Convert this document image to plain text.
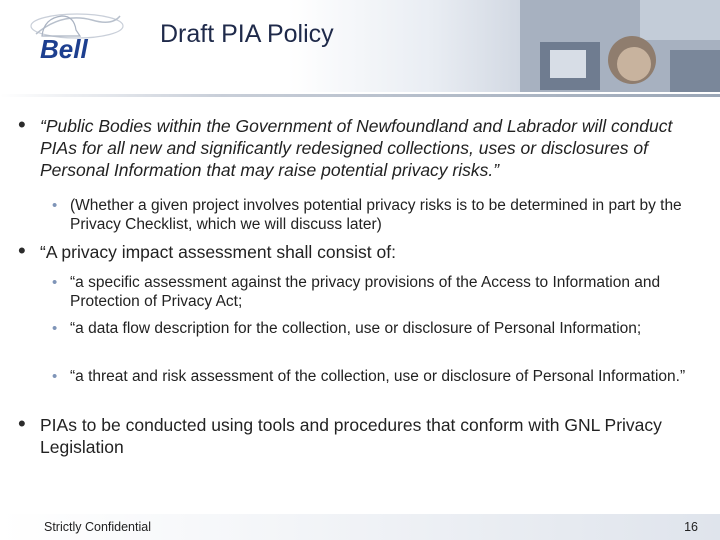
Bell	Draft PIA Policy
• “Public Bodies within the Government of Newfoundland and Labrador will conduct PIAs for all new and significantly redesigned collections, uses or disclosures of Personal Information that may raise potential privacy risks.”
• (Whether a given project involves potential privacy risks is to be determined in part by the Privacy Checklist, which we will discuss later)
• “A privacy impact assessment shall consist of:
• “a specific assessment against the privacy provisions of the Access to Information and Protection of Privacy Act;
• “a data flow description for the collection, use or disclosure of Personal Information;
• “a threat and risk assessment of the collection, use or disclosure of Personal Information.”
• PIAs to be conducted using tools and procedures that conform with GNL Privacy Legislation
Strictly Confidential	16
